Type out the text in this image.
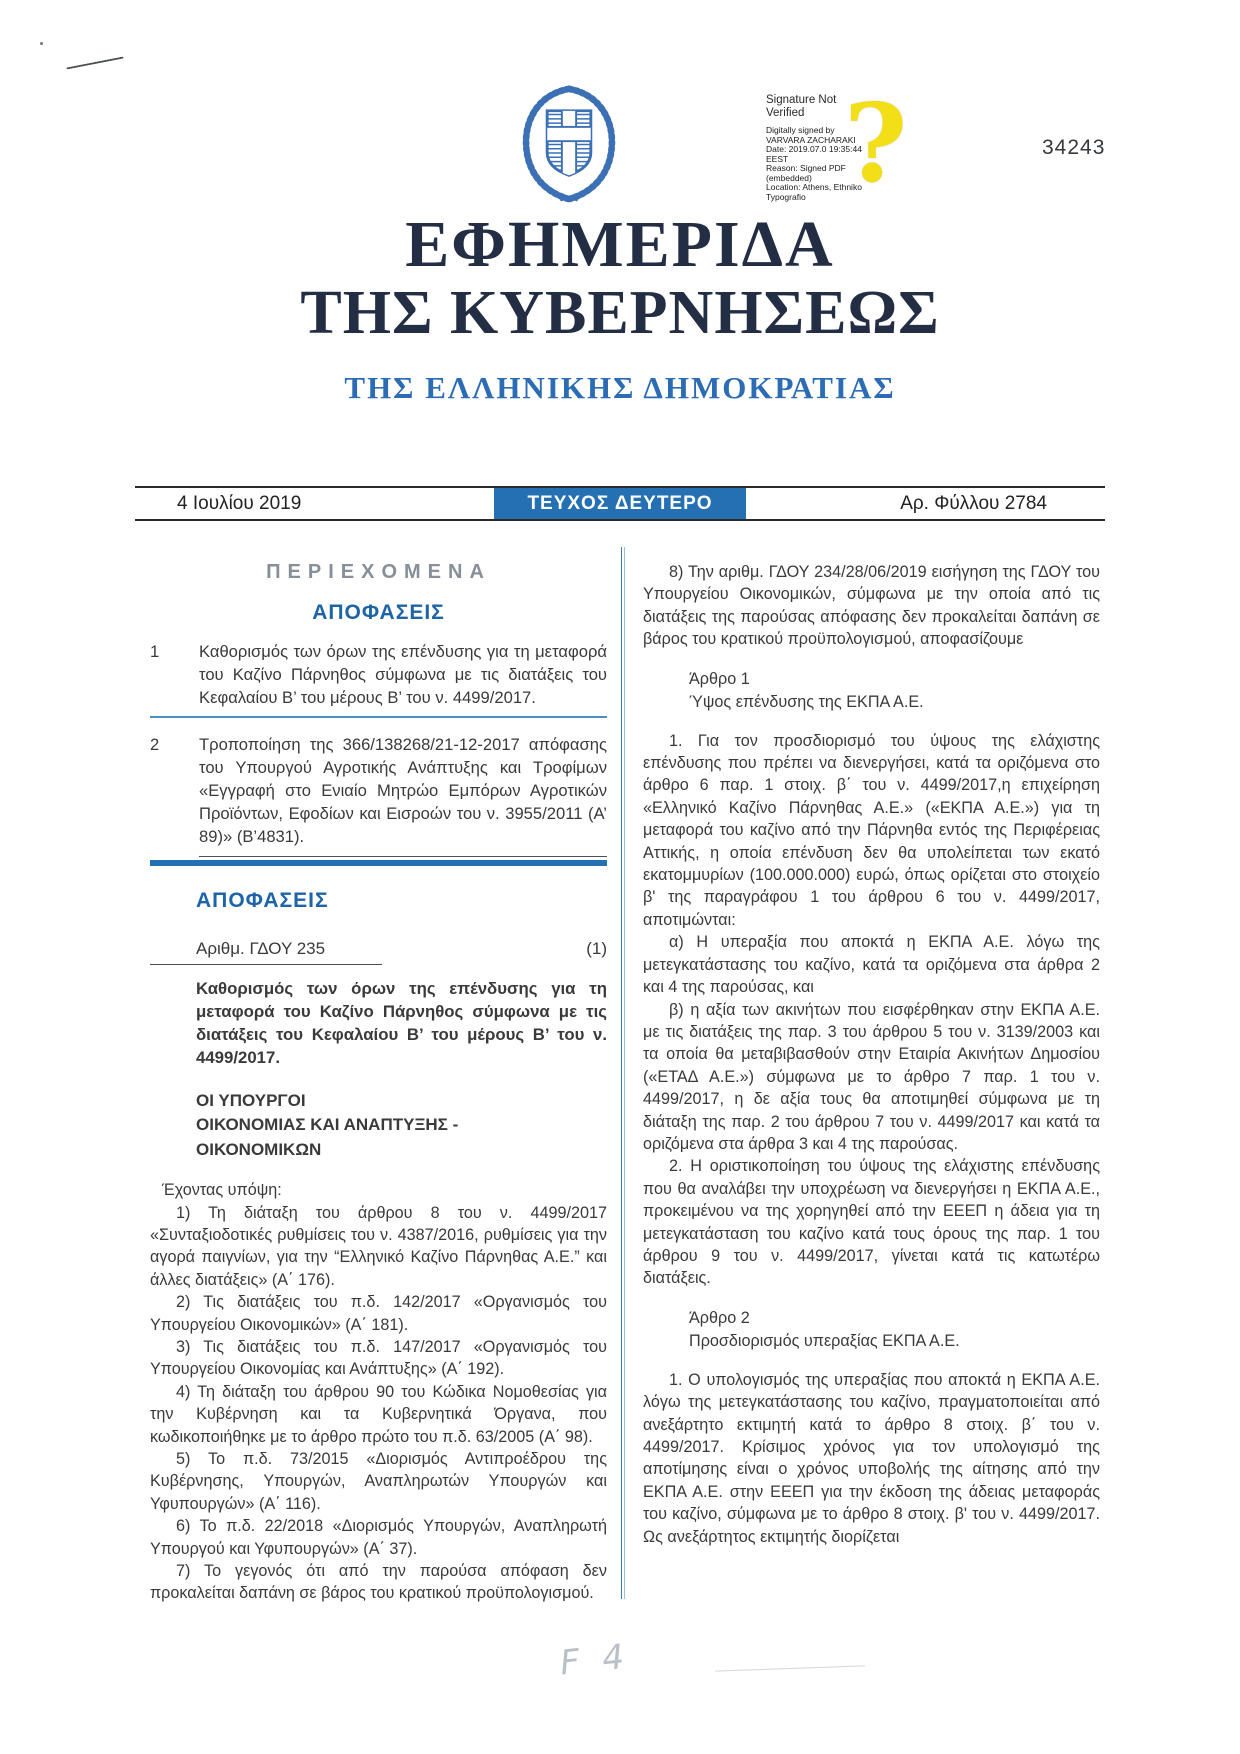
?
Signature Not
Verified
Digitally signed by
VARVARA ZACHARAKI
Date: 2019.07.0 19:35:44
EEST
Reason: Signed PDF
(embedded)
Location: Athens, Ethniko
Typografio
34243
ΕΦΗΜΕΡΙΔΑ
ΤΗΣ ΚΥΒΕΡΝΗΣΕΩΣ
ΤΗΣ ΕΛΛΗΝΙΚΗΣ ΔΗΜΟΚΡΑΤΙΑΣ
4 Ιουλίου 2019	ΤΕΥΧΟΣ ΔΕΥΤΕΡΟ	Αρ. Φύλλου 2784
ΠΕΡΙΕΧΟΜΕΝΑ
ΑΠΟΦΑΣΕΙΣ
1	Καθορισμός των όρων της επένδυσης για τη μεταφορά του Καζίνο Πάρνηθος σύμφωνα με τις διατάξεις του Κεφαλαίου Β’ του μέρους Β’ του ν. 4499/2017.
2	Τροποποίηση της 366/138268/21-12-2017 απόφασης του Υπουργού Αγροτικής Ανάπτυξης και Τροφίμων «Εγγραφή στο Ενιαίο Μητρώο Εμπόρων Αγροτικών Προϊόντων, Εφοδίων και Εισροών του ν. 3955/2011 (Α’ 89)» (Β’4831).
ΑΠΟΦΑΣΕΙΣ
Αριθμ. ΓΔΟΥ 235	(1)
Καθορισμός των όρων της επένδυσης για τη μεταφορά του Καζίνο Πάρνηθος σύμφωνα με τις διατάξεις του Κεφαλαίου Β’ του μέρους Β’ του ν. 4499/2017.
ΟΙ ΥΠΟΥΡΓΟΙ
ΟΙΚΟΝΟΜΙΑΣ ΚΑΙ ΑΝΑΠΤΥΞΗΣ -
ΟΙΚΟΝΟΜΙΚΩΝ
Έχοντας υπόψη:

1) Τη διάταξη του άρθρου 8 του ν. 4499/2017 «Συνταξιοδοτικές ρυθμίσεις του ν. 4387/2016, ρυθμίσεις για την αγορά παιγνίων, για την “Ελληνικό Καζίνο Πάρνηθας Α.Ε.” και άλλες διατάξεις» (Α΄ 176).

2) Τις διατάξεις του π.δ. 142/2017 «Οργανισμός του Υπουργείου Οικονομικών» (Α΄ 181).

3) Τις διατάξεις του π.δ. 147/2017 «Οργανισμός του Υπουργείου Οικονομίας και Ανάπτυξης» (Α΄ 192).

4) Τη διάταξη του άρθρου 90 του Κώδικα Νομοθεσίας για την Κυβέρνηση και τα Κυβερνητικά Όργανα, που κωδικοποιήθηκε με το άρθρο πρώτο του π.δ. 63/2005 (Α΄ 98).

5) Το π.δ. 73/2015 «Διορισμός Αντιπροέδρου της Κυβέρνησης, Υπουργών, Αναπληρωτών Υπουργών και Υφυπουργών» (Α΄ 116).

6) Το π.δ. 22/2018 «Διορισμός Υπουργών, Αναπληρωτή Υπουργού και Υφυπουργών» (Α΄ 37).

7) Το γεγονός ότι από την παρούσα απόφαση δεν προκαλείται δαπάνη σε βάρος του κρατικού προϋπολογισμού.

8) Την αριθμ. ΓΔΟΥ 234/28/06/2019 εισήγηση της ΓΔΟΥ του Υπουργείου Οικονομικών, σύμφωνα με την οποία από τις διατάξεις της παρούσας απόφασης δεν προκαλείται δαπάνη σε βάρος του κρατικού προϋπολογισμού, αποφασίζουμε

Άρθρο 1
Ύψος επένδυσης της ΕΚΠΑ Α.Ε.

1. Για τον προσδιορισμό του ύψους της ελάχιστης επένδυσης που πρέπει να διενεργήσει, κατά τα οριζόμενα στο άρθρο 6 παρ. 1 στοιχ. β΄ του ν. 4499/2017,η επιχείρηση «Ελληνικό Καζίνο Πάρνηθας Α.Ε.» («ΕΚΠΑ Α.Ε.») για τη μεταφορά του καζίνο από την Πάρνηθα εντός της Περιφέρειας Αττικής, η οποία επένδυση δεν θα υπολείπεται των εκατό εκατομμυρίων (100.000.000) ευρώ, όπως ορίζεται στο στοιχείο β' της παραγράφου 1 του άρθρου 6 του ν. 4499/2017, αποτιμώνται:

α) Η υπεραξία που αποκτά η ΕΚΠΑ Α.Ε. λόγω της μετεγκατάστασης του καζίνο, κατά τα οριζόμενα στα άρθρα 2 και 4 της παρούσας, και

β) η αξία των ακινήτων που εισφέρθηκαν στην ΕΚΠΑ Α.Ε. με τις διατάξεις της παρ. 3 του άρθρου 5 του ν. 3139/2003 και τα οποία θα μεταβιβασθούν στην Εταιρία Ακινήτων Δημοσίου («ΕΤΑΔ Α.Ε.») σύμφωνα με το άρθρο 7 παρ. 1 του ν. 4499/2017, η δε αξία τους θα αποτιμηθεί σύμφωνα με τη διάταξη της παρ. 2 του άρθρου 7 του ν. 4499/2017 και κατά τα οριζόμενα στα άρθρα 3 και 4 της παρούσας.

2. Η οριστικοποίηση του ύψους της ελάχιστης επένδυσης που θα αναλάβει την υποχρέωση να διενεργήσει η ΕΚΠΑ Α.Ε., προκειμένου να της χορηγηθεί από την ΕΕΕΠ η άδεια για τη μετεγκατάσταση του καζίνο κατά τους όρους της παρ. 1 του άρθρου 9 του ν. 4499/2017, γίνεται κατά τις κατωτέρω διατάξεις.

Άρθρο 2
Προσδιορισμός υπεραξίας ΕΚΠΑ Α.Ε.

1. Ο υπολογισμός της υπεραξίας που αποκτά η ΕΚΠΑ Α.Ε. λόγω της μετεγκατάστασης του καζίνο, πραγματοποιείται από ανεξάρτητο εκτιμητή κατά το άρθρο 8 στοιχ. β΄ του ν. 4499/2017. Κρίσιμος χρόνος για τον υπολογισμό της αποτίμησης είναι ο χρόνος υποβολής της αίτησης από την ΕΚΠΑ Α.Ε. στην ΕΕΕΠ για την έκδοση της άδειας μεταφοράς του καζίνο, σύμφωνα με το άρθρο 8 στοιχ. β' του ν. 4499/2017. Ως ανεξάρτητος εκτιμητής διορίζεται

F 4
